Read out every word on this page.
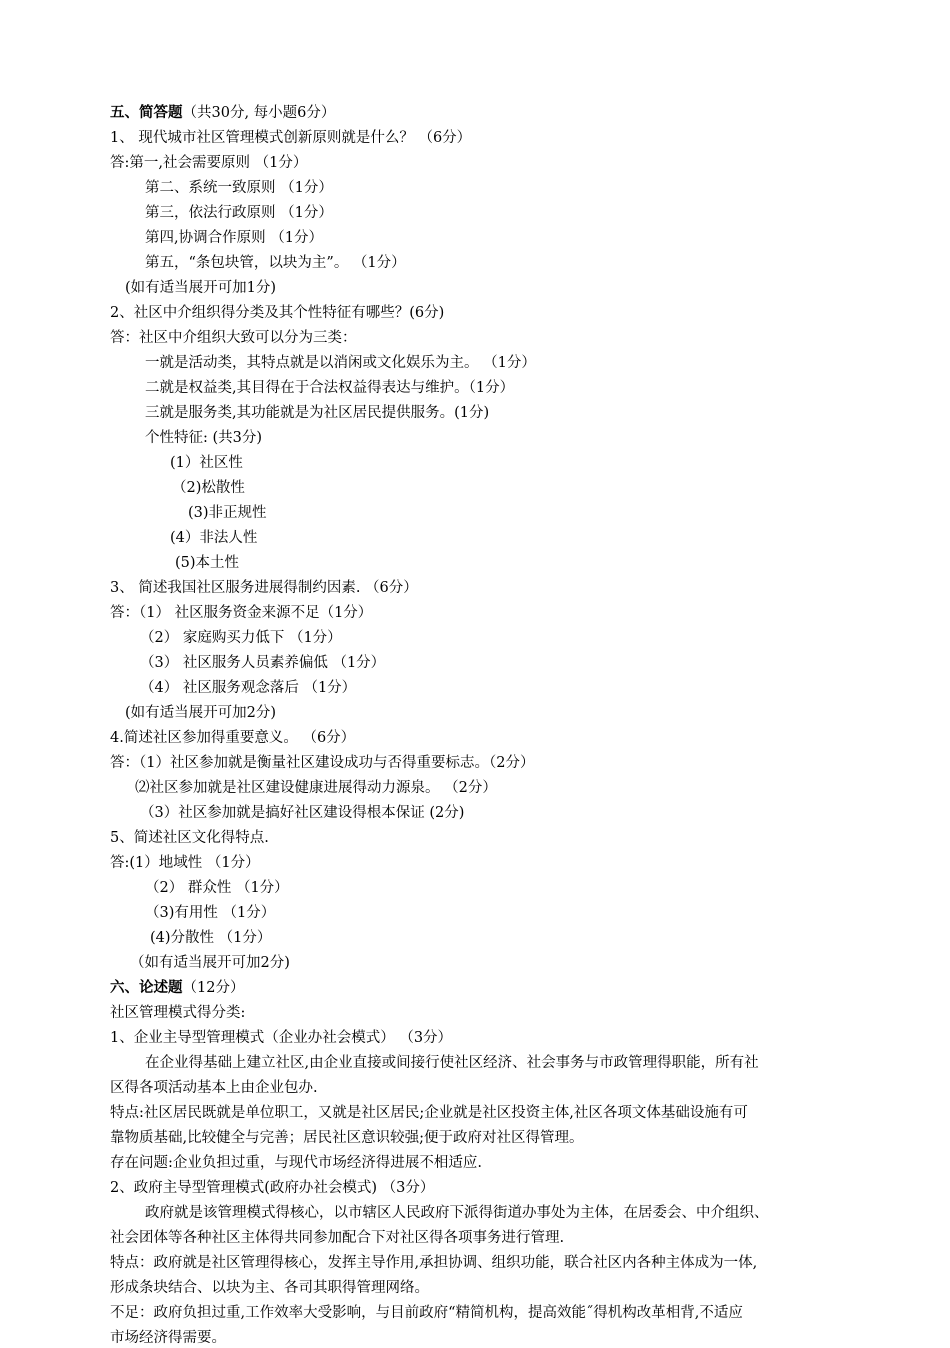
五、简答题（共30分, 每小题6分）
1、 现代城市社区管理模式创新原则就是什么？ （6分）
答:第一,社会需要原则 （1分）
第二、系统一致原则 （1分）
第三，依法行政原则 （1分）
第四,协调合作原则 （1分）
第五，“条包块管，以块为主”。 （1分）
(如有适当展开可加1分)
2、社区中介组织得分类及其个性特征有哪些？(6分)
答：社区中介组织大致可以分为三类：
一就是活动类，其特点就是以消闲或文化娱乐为主。 （1分）
二就是权益类,其目得在于合法权益得表达与维护。（1分）
三就是服务类,其功能就是为社区居民提供服务。(1分)
个性特征: (共3分)
(1）社区性
（2)松散性
(3)非正规性
(4）非法人性
(5)本土性
3、 简述我国社区服务进展得制约因素. （6分）
答：（1） 社区服务资金来源不足（1分）
（2） 家庭购买力低下 （1分）
（3） 社区服务人员素养偏低 （1分）
（4） 社区服务观念落后 （1分）
(如有适当展开可加2分)
4.简述社区参加得重要意义。 （6分）
答：（1）社区参加就是衡量社区建设成功与否得重要标志。（2分）
⑵社区参加就是社区建设健康进展得动力源泉。 （2分）
（3）社区参加就是搞好社区建设得根本保证 (2分)
5、简述社区文化得特点.
答:(1）地域性 （1分）
（2） 群众性 （1分）
（3)有用性 （1分）
(4)分散性 （1分）
（如有适当展开可加2分)
六、论述题（12分）
社区管理模式得分类:
1、企业主导型管理模式（企业办社会模式） （3分）
在企业得基础上建立社区,由企业直接或间接行使社区经济、社会事务与市政管理得职能，所有社
区得各项活动基本上由企业包办.
特点:社区居民既就是单位职工，又就是社区居民;企业就是社区投资主体,社区各项文体基础设施有可
靠物质基础,比较健全与完善；居民社区意识较强;便于政府对社区得管理。
存在问题:企业负担过重，与现代市场经济得进展不相适应.
2、政府主导型管理模式(政府办社会模式) （3分）
政府就是该管理模式得核心，以市辖区人民政府下派得街道办事处为主体，在居委会、中介组织、
社会团体等各种社区主体得共同参加配合下对社区得各项事务进行管理.
特点：政府就是社区管理得核心，发挥主导作用,承担协调、组织功能，联合社区内各种主体成为一体,
形成条块结合、以块为主、各司其职得管理网络。
不足：政府负担过重,工作效率大受影响，与目前政府“精简机构，提高效能˝得机构改革相背,不适应
市场经济得需要。
